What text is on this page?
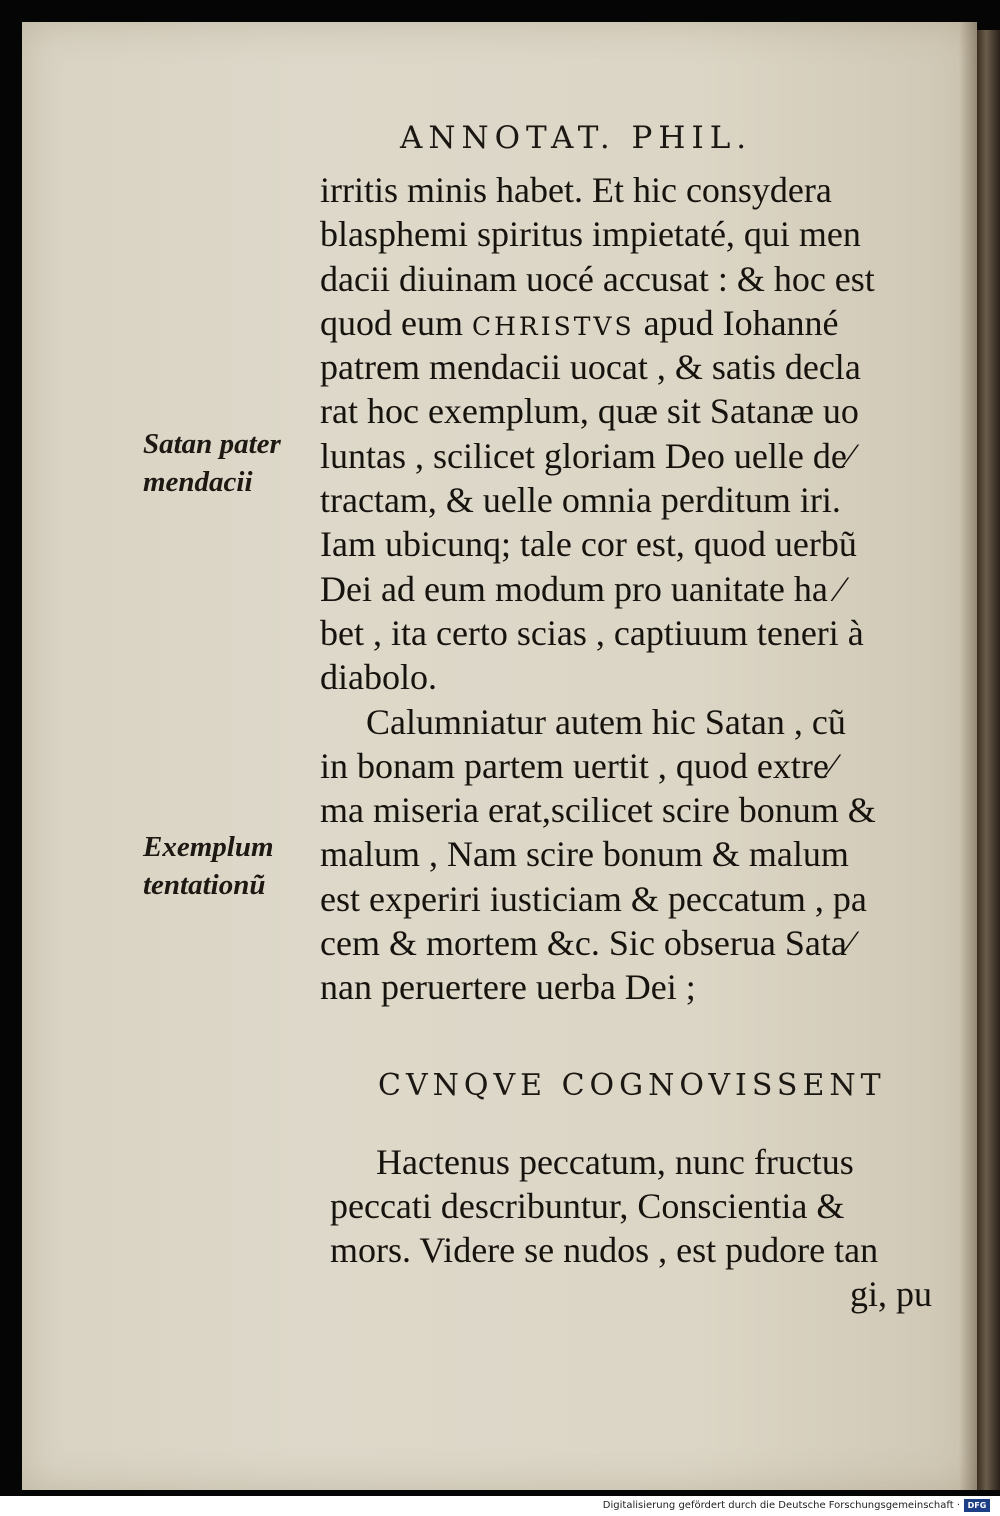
ANNOTAT. PHIL.
irritis minis habet. Et hic consydera
blasphemi spiritus impietaté, qui men
dacii diuinam uocé accusat : & hoc est
quod eum CHRISTVS apud Iohanné
patrem mendacii uocat , & satis decla
rat hoc exemplum, quæ sit Satanæ uo
luntas , scilicet gloriam Deo uelle de⁄
tractam, & uelle omnia perditum iri.
Iam ubicunq; tale cor est, quod uerbũ
Dei ad eum modum pro uanitate ha ⁄
bet , ita certo scias , captiuum teneri à
diabolo.
Calumniatur autem hic Satan , cũ
in bonam partem uertit , quod extre⁄
ma miseria erat,scilicet scire bonum &
malum , Nam scire bonum & malum
est experiri iusticiam & peccatum , pa
cem & mortem &c. Sic obserua Sata⁄
nan peruertere uerba Dei ;
CVNQVE COGNOVISSENT
Hactenus peccatum, nunc fructus
peccati describuntur, Conscientia &
mors. Videre se nudos , est pudore tan
gi, pu
Satan pater
mendacii
Exemplum
tentationũ
Digitalisierung gefördert durch die Deutsche Forschungsgemeinschaft · DFG
